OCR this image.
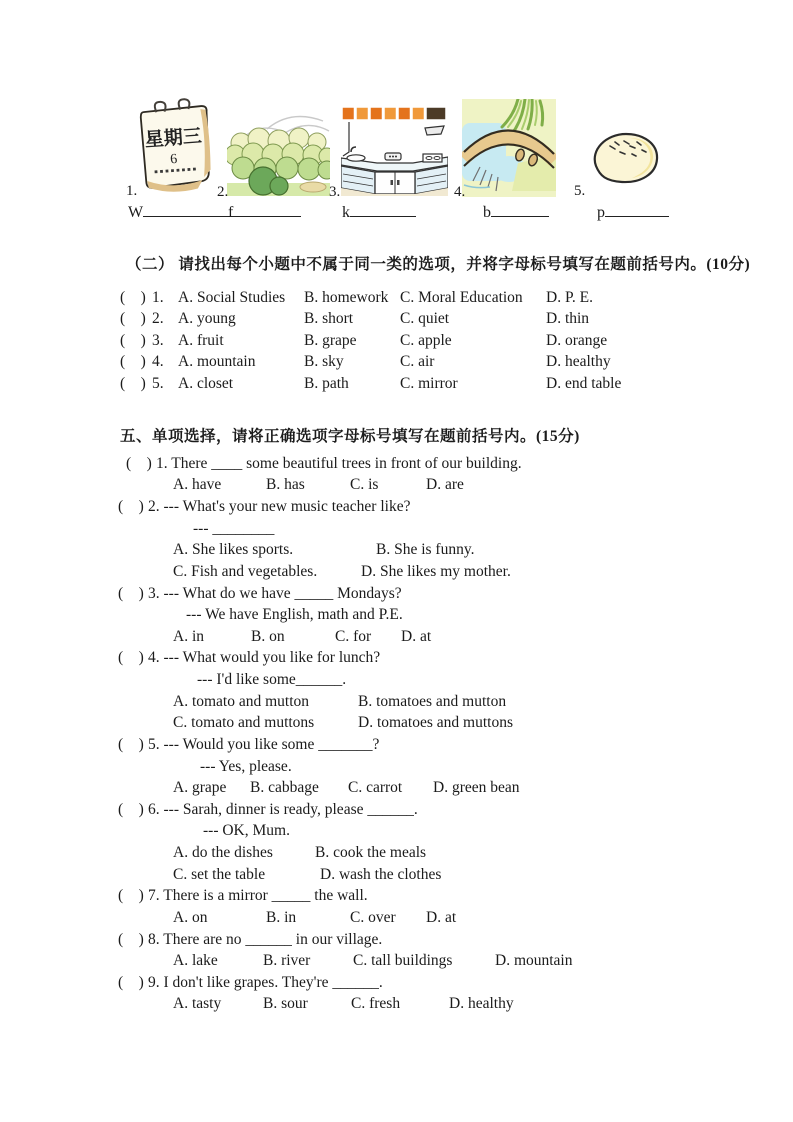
星期三
6
1.	2.	3.	4.	5.
W	f	k	b	p
（二） 请找出每个小题中不属于同一类的选项，并将字母标号填写在题前括号内。(10分)
(    ) 1. A. Social Studies	B. homework C. Moral Education	D. P. E.
(    ) 2. A. young	B. short	C. quiet	D. thin
(    ) 3. A. fruit	B. grape	C. apple	D. orange
(    ) 4. A. mountain	B. sky	C. air	D. healthy
(    ) 5. A. closet	B. path	C. mirror	D. end table
五、单项选择，请将正确选项字母标号填写在题前括号内。(15分)
(    ) 1. There ____ some beautiful trees in front of our building.
A. have	B. has	C. is	D. are
(    ) 2. --- What's your new music teacher like?
--- ________
A. She likes sports.	B. She is funny.
C. Fish and vegetables.	D. She likes my mother.
(    ) 3. --- What do we have _____ Mondays?
--- We have English, math and P.E.
A. in	B. on	C. for	D. at
(    ) 4. --- What would you like for lunch?
--- I'd like some______.
A. tomato and mutton	B. tomatoes and mutton
C. tomato and muttons	D. tomatoes and muttons
(    ) 5. --- Would you like some _______?
--- Yes, please.
A. grape	B. cabbage	C. carrot	D. green bean
(    ) 6. --- Sarah, dinner is ready, please ______.
--- OK, Mum.
A. do the dishes	B. cook the meals
C. set the table	D. wash the clothes
(    ) 7. There is a mirror _____ the wall.
A. on	B. in	C. over	D. at
(    ) 8. There are no ______ in our village.
A. lake	B. river	C. tall buildings	D. mountain
(    ) 9. I don't like grapes. They're ______.
A. tasty	B. sour	C. fresh	D. healthy
